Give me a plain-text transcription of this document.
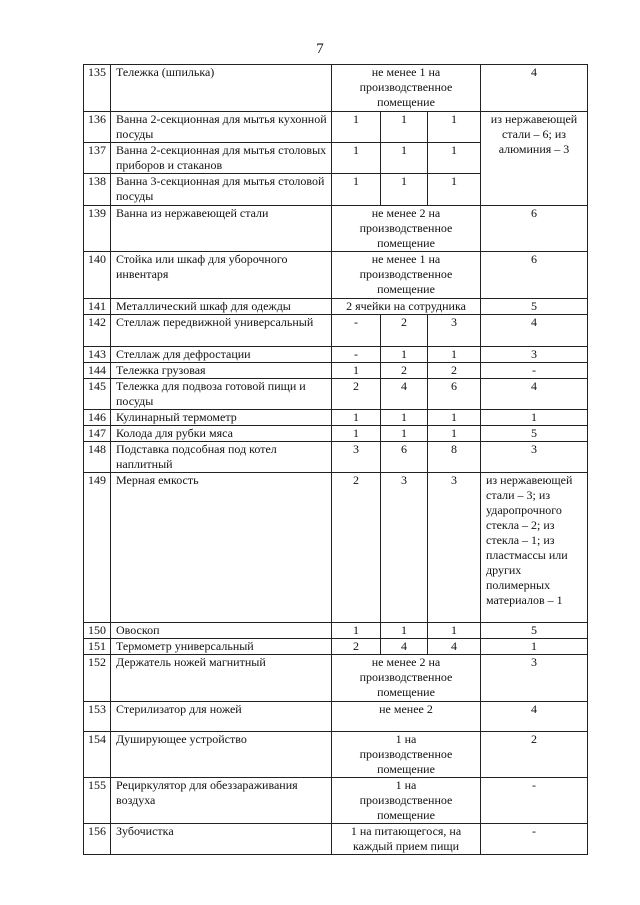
7
135	Тележка (шпилька)	не менее 1 на производственное помещение			4
136	Ванна 2-секционная для мытья кухонной посуды	1	1	1	из нержавеющей стали – 6; из алюминия – 3
137	Ванна 2-секционная для мытья столовых приборов и стаканов	1	1	1	
138	Ванна 3-секционная для мытья столовой посуды	1	1	1	
139	Ванна из нержавеющей стали	не менее 2 на производственное помещение			6
140	Стойка или шкаф для уборочного инвентаря	не менее 1 на производственное помещение			6
141	Металлический шкаф для одежды	2 ячейки на сотрудника			5
142	Стеллаж передвижной универсальный	-	2	3	4
143	Стеллаж для дефростации	-	1	1	3
144	Тележка грузовая	1	2	2	-
145	Тележка для подвоза готовой пищи и посуды	2	4	6	4
146	Кулинарный термометр	1	1	1	1
147	Колода для рубки мяса	1	1	1	5
148	Подставка подсобная под котел наплитный	3	6	8	3
149	Мерная емкость	2	3	3	из нержавеющей стали – 3; из ударопрочного стекла – 2; из стекла – 1; из пластмассы или других полимерных материалов – 1
150	Овоскоп	1	1	1	5
151	Термометр универсальный	2	4	4	1
152	Держатель ножей магнитный	не менее 2 на производственное помещение			3
153	Стерилизатор для ножей	не менее 2			4
154	Душирующее устройство	1 на производственное помещение			2
155	Рециркулятор для обеззараживания воздуха	1 на производственное помещение			-
156	Зубочистка	1 на питающегося, на каждый прием пищи			-
